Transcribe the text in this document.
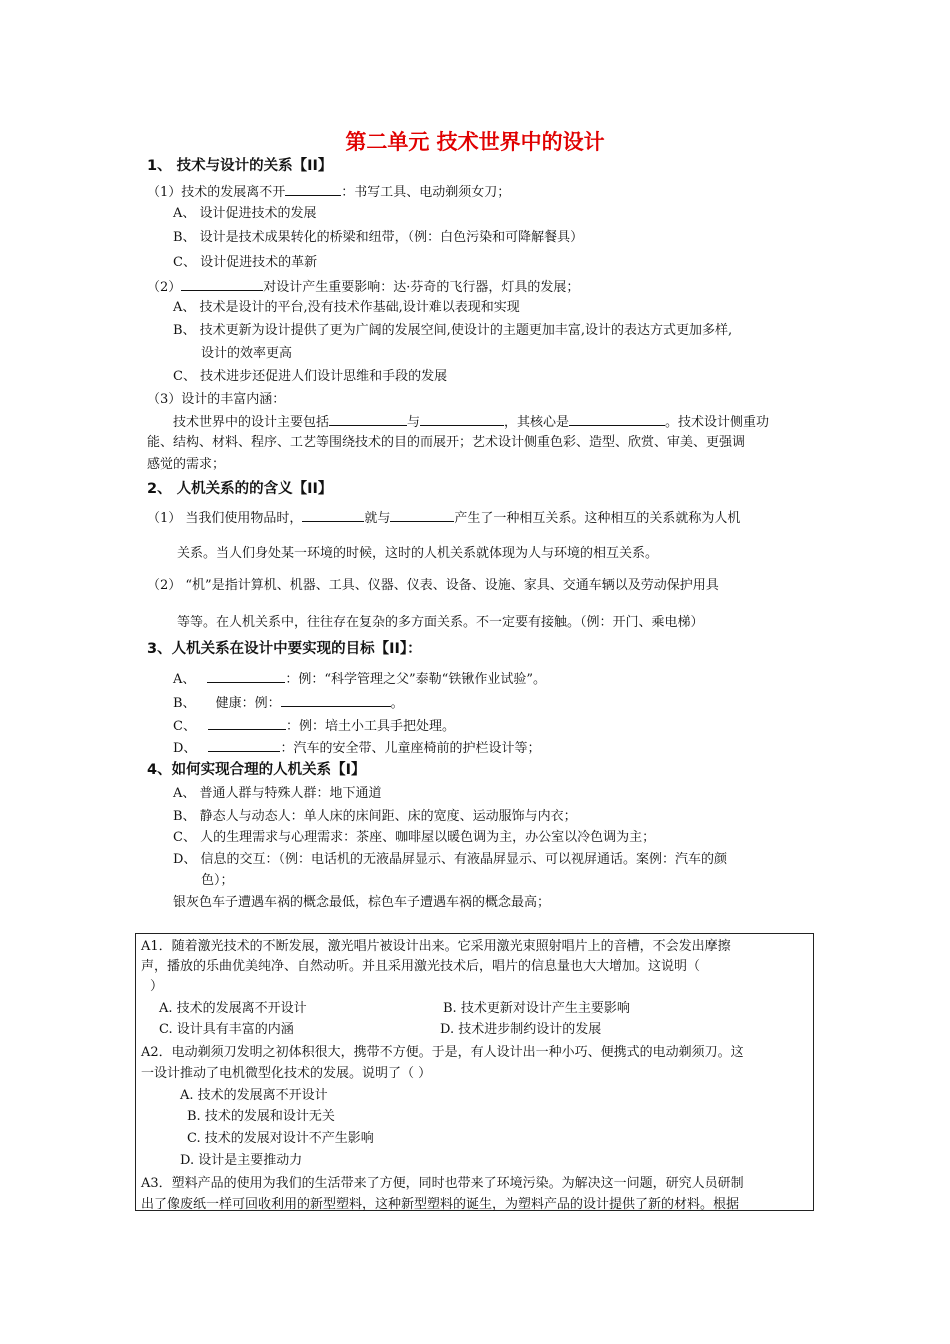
第二单元 技术世界中的设计
1、 技术与设计的关系【II】
（1）技术的发展离不开	：书写工具、电动剃须女刀；
A、 设计促进技术的发展
B、 设计是技术成果转化的桥梁和纽带，（例：白色污染和可降解餐具）
C、 设计促进技术的革新
（2）	对设计产生重要影响：达·芬奇的飞行器，灯具的发展；
A、 技术是设计的平台,没有技术作基础,设计难以表现和实现
B、 技术更新为设计提供了更为广阔的发展空间,使设计的主题更加丰富,设计的表达方式更加多样,
设计的效率更高
C、 技术进步还促进人们设计思维和手段的发展
（3）设计的丰富内涵：
技术世界中的设计主要包括	与	，其核心是	。技术设计侧重功
能、结构、材料、程序、工艺等围绕技术的目的而展开；艺术设计侧重色彩、造型、欣赏、审美、更强调
感觉的需求；
2、 人机关系的的含义【II】
（1） 当我们使用物品时，	就与	产生了一种相互关系。这种相互的关系就称为人机
关系。当人们身处某一环境的时候，这时的人机关系就体现为人与环境的相互关系。
（2） “机”是指计算机、机器、工具、仪器、仪表、设备、设施、家具、交通车辆以及劳动保护用具
等等。在人机关系中，往往存在复杂的多方面关系。不一定要有接触。（例：开门、乘电梯）
3、人机关系在设计中要实现的目标【II】：
A、	：例：“科学管理之父”泰勒“铁锹作业试验”。
B、 健康：例：	。
C、	：例：培土小工具手把处理。
D、	：汽车的安全带、儿童座椅前的护栏设计等；
4、如何实现合理的人机关系【I】
A、 普通人群与特殊人群：地下通道
B、 静态人与动态人：单人床的床间距、床的宽度、运动服饰与内衣；
C、 人的生理需求与心理需求：茶座、咖啡屋以暖色调为主，办公室以冷色调为主；
D、 信息的交互：（例：电话机的无液晶屏显示、有液晶屏显示、可以视屏通话。案例：汽车的颜
色）；
银灰色车子遭遇车祸的概念最低，棕色车子遭遇车祸的概念最高；
A1．随着激光技术的不断发展，激光唱片被设计出来。它采用激光束照射唱片上的音槽，不会发出摩擦
声，播放的乐曲优美纯净、自然动听。并且采用激光技术后，唱片的信息量也大大增加。这说明（
）
A. 技术的发展离不开设计	B. 技术更新对设计产生主要影响
C. 设计具有丰富的内涵	D. 技术进步制约设计的发展
A2．电动剃须刀发明之初体积很大，携带不方便。于是，有人设计出一种小巧、便携式的电动剃须刀。这
一设计推动了电机微型化技术的发展。说明了（ ）
A. 技术的发展离不开设计
B. 技术的发展和设计无关
C. 技术的发展对设计不产生影响
D. 设计是主要推动力
A3．塑料产品的使用为我们的生活带来了方便，同时也带来了环境污染。为解决这一问题，研究人员研制
出了像废纸一样可回收利用的新型塑料，这种新型塑料的诞生，为塑料产品的设计提供了新的材料。根据
